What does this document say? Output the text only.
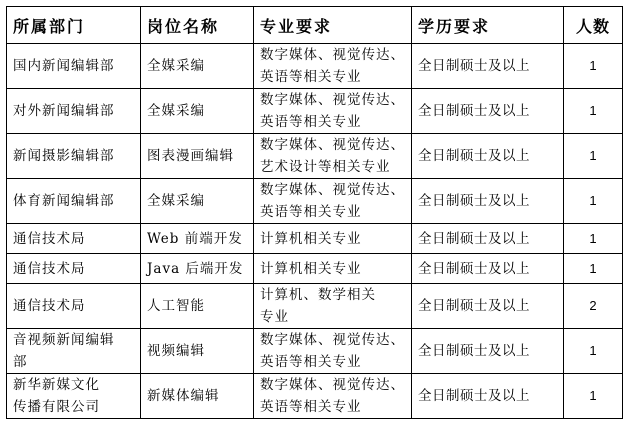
所属部门	岗位名称	专业要求	学历要求	人数

国内新闻编辑部	全媒采编	数字媒体、视觉传达、
英语等相关专业	全日制硕士及以上	1

对外新闻编辑部	全媒采编	数字媒体、视觉传达、
英语等相关专业	全日制硕士及以上	1

新闻摄影编辑部	图表漫画编辑	数字媒体、视觉传达、
艺术设计等相关专业	全日制硕士及以上	1

体育新闻编辑部	全媒采编	数字媒体、视觉传达、
英语等相关专业	全日制硕士及以上	1

通信技术局	Web 前端开发	计算机相关专业	全日制硕士及以上	1

通信技术局	Java 后端开发	计算机相关专业	全日制硕士及以上	1

通信技术局	人工智能	计算机、数学相关
专业	全日制硕士及以上	2

音视频新闻编辑
部	视频编辑	数字媒体、视觉传达、
英语等相关专业	全日制硕士及以上	1

新华新媒文化
传播有限公司	新媒体编辑	数字媒体、视觉传达、
英语等相关专业	全日制硕士及以上	1
